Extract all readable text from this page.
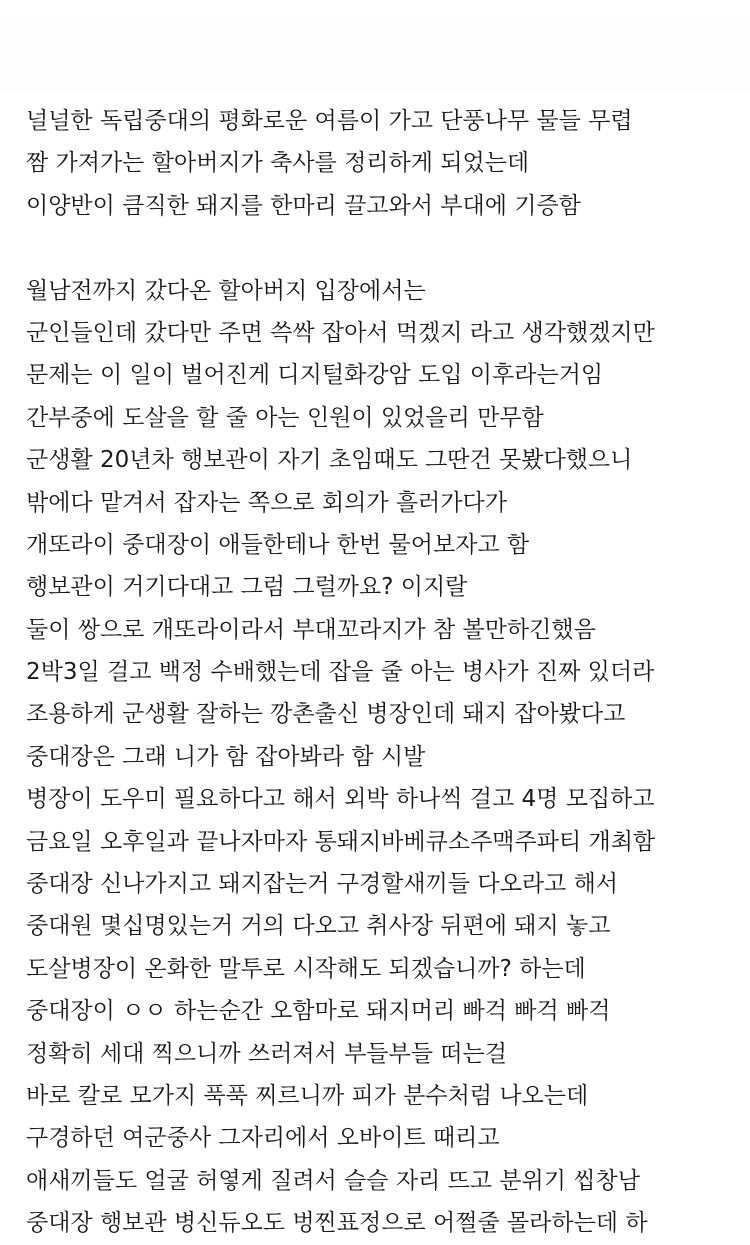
널널한 독립중대의 평화로운 여름이 가고 단풍나무 물들 무렵
짬 가져가는 할아버지가 축사를 정리하게 되었는데
이양반이 큼직한 돼지를 한마리 끌고와서 부대에 기증함
월남전까지 갔다온 할아버지 입장에서는
군인들인데 갔다만 주면 쓱싹 잡아서 먹겠지 라고 생각했겠지만
문제는 이 일이 벌어진게 디지털화강암 도입 이후라는거임
간부중에 도살을 할 줄 아는 인원이 있었을리 만무함
군생활 20년차 행보관이 자기 초임때도 그딴건 못봤다했으니
밖에다 맡겨서 잡자는 쪽으로 회의가 흘러가다가
개또라이 중대장이 애들한테나 한번 물어보자고 함
행보관이 거기다대고 그럼 그럴까요? 이지랄
둘이 쌍으로 개또라이라서 부대꼬라지가 참 볼만하긴했음
2박3일 걸고 백정 수배했는데 잡을 줄 아는 병사가 진짜 있더라
조용하게 군생활 잘하는 깡촌출신 병장인데 돼지 잡아봤다고
중대장은 그래 니가 함 잡아봐라 함 시발
병장이 도우미 필요하다고 해서 외박 하나씩 걸고 4명 모집하고
금요일 오후일과 끝나자마자 통돼지바베큐소주맥주파티 개최함
중대장 신나가지고 돼지잡는거 구경할새끼들 다오라고 해서
중대원 몇십명있는거 거의 다오고 취사장 뒤편에 돼지 놓고
도살병장이 온화한 말투로 시작해도 되겠습니까? 하는데
중대장이 ㅇㅇ 하는순간 오함마로 돼지머리 빠걱 빠걱 빠걱
정확히 세대 찍으니까 쓰러져서 부들부들 떠는걸
바로 칼로 모가지 푹푹 찌르니까 피가 분수처럼 나오는데
구경하던 여군중사 그자리에서 오바이트 때리고
애새끼들도 얼굴 허옇게 질려서 슬슬 자리 뜨고 분위기 씹창남
중대장 행보관 병신듀오도 벙찐표정으로 어쩔줄 몰라하는데 하
